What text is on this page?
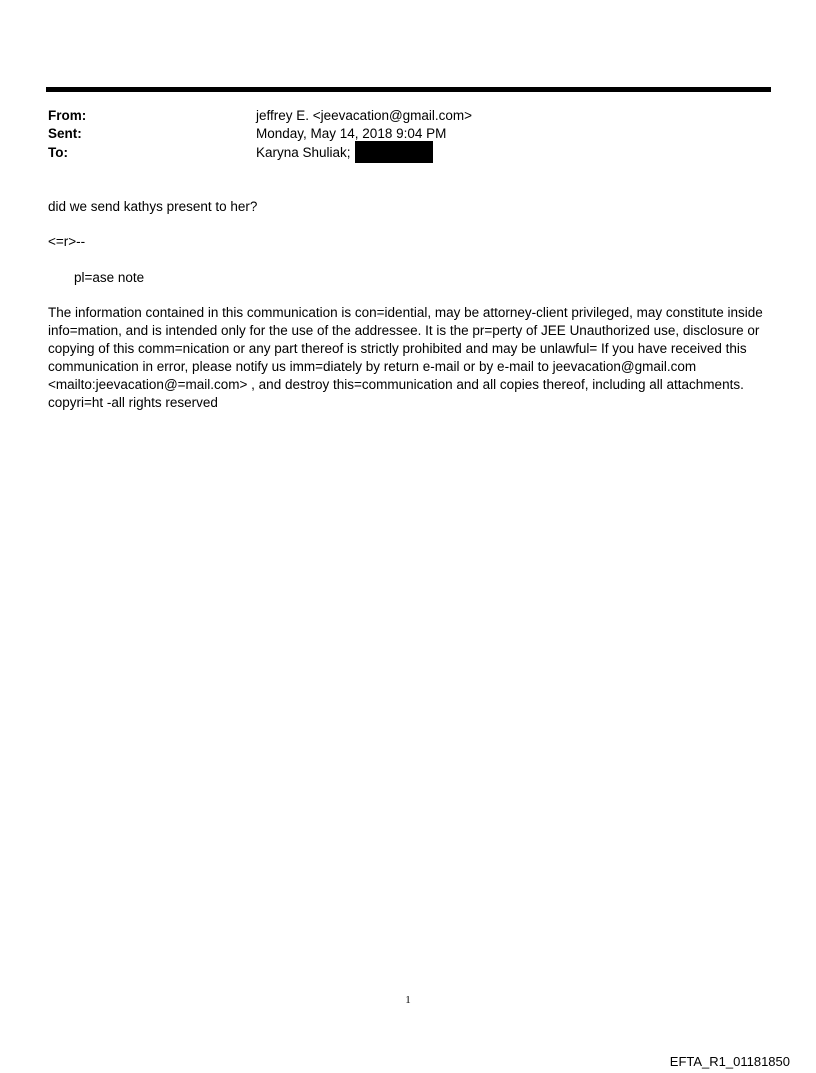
From:	jeffrey E. <jeevacation@gmail.com>
Sent:	Monday, May 14, 2018 9:04 PM
To:	Karyna Shuliak;
did we send kathys present to her?
<=r>--
pl=ase note
The information contained in this communication is con=idential, may be attorney-client privileged, may constitute inside info=mation, and is intended only for the use of the addressee. It is the pr=perty of JEE Unauthorized use, disclosure or copying of this comm=nication or any part thereof is strictly prohibited and may be unlawful= If you have received this communication in error, please notify us imm=diately by return e-mail or by e-mail to jeevacation@gmail.com <mailto:jeevacation@=mail.com> , and destroy this=communication and all copies thereof, including all attachments. copyri=ht -all rights reserved
1
EFTA_R1_01181850
